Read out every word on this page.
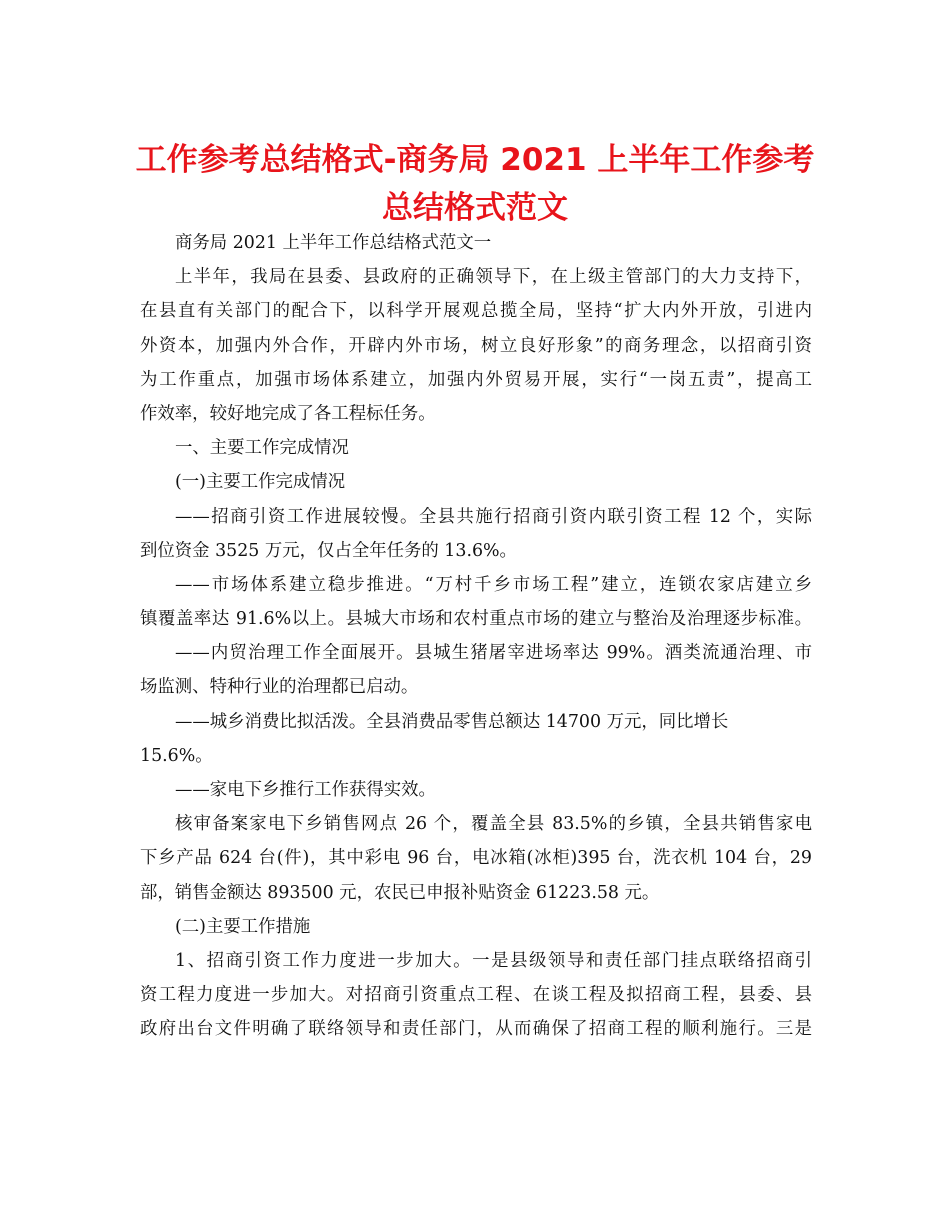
工作参考总结格式-商务局 2021 上半年工作参考
总结格式范文
商务局 2021 上半年工作总结格式范文一
上半年，我局在县委、县政府的正确领导下，在上级主管部门的大力支持下，
在县直有关部门的配合下，以科学开展观总揽全局，坚持“扩大内外开放，引进内
外资本，加强内外合作，开辟内外市场，树立良好形象”的商务理念，以招商引资
为工作重点，加强市场体系建立，加强内外贸易开展，实行“一岗五责”，提高工
作效率，较好地完成了各工程标任务。
一、主要工作完成情况
(一)主要工作完成情况
——招商引资工作进展较慢。全县共施行招商引资内联引资工程 12 个，实际
到位资金 3525 万元，仅占全年任务的 13.6%。
——市场体系建立稳步推进。“万村千乡市场工程”建立，连锁农家店建立乡
镇覆盖率达 91.6%以上。县城大市场和农村重点市场的建立与整治及治理逐步标准。
——内贸治理工作全面展开。县城生猪屠宰进场率达 99%。酒类流通治理、市
场监测、特种行业的治理都已启动。
——城乡消费比拟活泼。全县消费品零售总额达 14700 万元，同比增长
15.6%。
——家电下乡推行工作获得实效。
核审备案家电下乡销售网点 26 个，覆盖全县 83.5%的乡镇，全县共销售家电
下乡产品 624 台(件)，其中彩电 96 台，电冰箱(冰柜)395 台，洗衣机 104 台，29
部，销售金额达 893500 元，农民已申报补贴资金 61223.58 元。
(二)主要工作措施
1、招商引资工作力度进一步加大。一是县级领导和责任部门挂点联络招商引
资工程力度进一步加大。对招商引资重点工程、在谈工程及拟招商工程，县委、县
政府出台文件明确了联络领导和责任部门，从而确保了招商工程的顺利施行。三是
